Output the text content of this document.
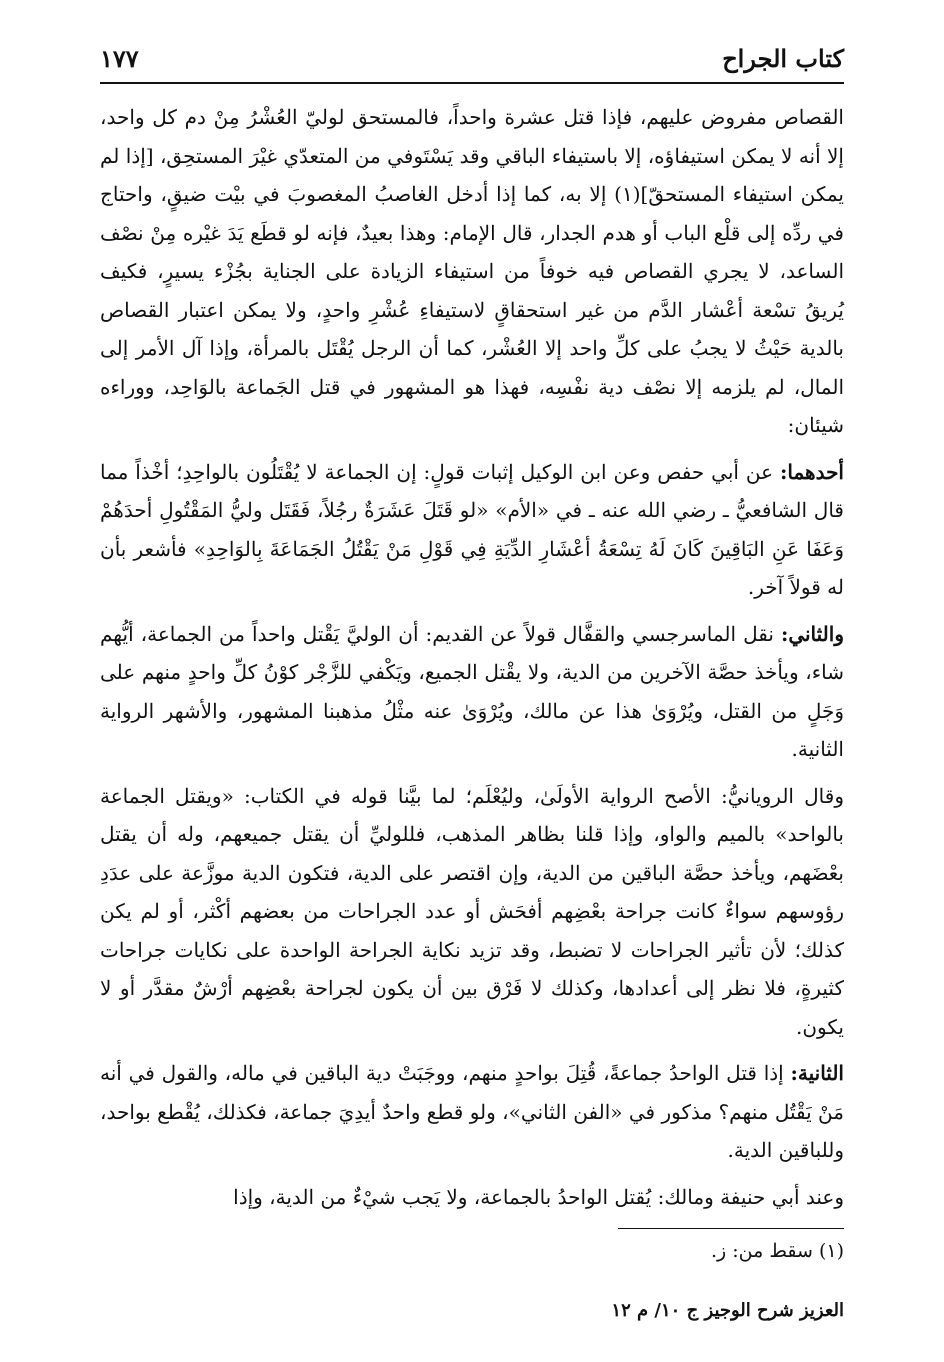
كتاب الجراح
١٧٧

القصاص مفروض عليهم، فإذا قتل عشرة واحداً، فالمستحق لوليّ العُشْرُ مِنْ دم كل واحد، إلا أنه لا يمكن استيفاؤه، إلا باستيفاء الباقي وقد يَسْتَوفي من المتعدّي غيْرَ المستحِق، [إذا لم يمكن استيفاء المستحقّ](١) إلا به، كما إذا أدخل الغاصبُ المغصوبَ في بيْت ضيقٍ، واحتاج في ردِّه إلى قلْع الباب أو هدم الجدار، قال الإمام: وهذا بعيدٌ، فإنه لو قطَع يَدَ غيْره مِنْ نصْف الساعد، لا يجري القصاص فيه خوفاً من استيفاء الزيادة على الجناية بجُزْء يسيرٍ، فكيف يُريقُ تسْعة أعْشار الدَّم من غير استحقاقٍ لاستيفاءِ عُشْرِ واحدٍ، ولا يمكن اعتبار القصاص بالدية حَيْثُ لا يجبُ على كلِّ واحد إلا العُشْر، كما أن الرجل يُقْتَل بالمرأة، وإذا آل الأمر إلى المال، لم يلزمه إلا نصْف دية نفْسِه، فهذا هو المشهور في قتل الجَماعة بالوَاحِد، ووراءه شيئان:

أحدهما: عن أبي حفص وعن ابن الوكيل إثبات قولٍ: إن الجماعة لا يُقْتَلُون بالواحِدِ؛ أخْذاً مما قال الشافعيُّ ـ رضي الله عنه ـ في «الأم» «لو قَتَلَ عَشَرَةٌ رجُلاً، فَقَتَل وليُّ المَقْتُولِ أحدَهُمْ وَعَفَا عَنِ البَاقِينَ كَانَ لَهُ تِسْعَةُ أعْشَارِ الدِّيَةِ فِي قَوْلِ مَنْ يَقْتُلُ الجَمَاعَةَ بِالوَاحِدِ» فأشعر بأن له قولاً آخر.

والثاني: نقل الماسرجسي والقفَّال قولاً عن القديم: أن الوليَّ يَقْتل واحداً من الجماعة، أيُّهم شاء، ويأخذ حصَّة الآخرين من الدية، ولا يقْتل الجميع، ويَكْفي للزَّجْر كوْنُ كلِّ واحدٍ منهم على وَجَلٍ من القتل، ويُرْوَىٰ هذا عن مالك، ويُرْوَىٰ عنه مثْلُ مذهبنا المشهور، والأشهر الرواية الثانية.

وقال الرويانيُّ: الأصح الرواية الأولَىٰ، وليُعْلَم؛ لما بيَّنا قوله في الكتاب: «ويقتل الجماعة بالواحد» بالميم والواو، وإذا قلنا بظاهر المذهب، فللوليِّ أن يقتل جميعهم، وله أن يقتل بعْضَهم، ويأخذ حصَّة الباقين من الدية، وإن اقتصر على الدية، فتكون الدية موزَّعة على عدَدِ رؤوسهم سواءٌ كانت جراحة بعْضِهم أفحَش أو عدد الجراحات من بعضهم أكْثر، أو لم يكن كذلك؛ لأن تأثير الجراحات لا تضبط، وقد تزيد نكاية الجراحة الواحدة على نكايات جراحات كثيرةٍ، فلا نظر إلى أعدادها، وكذلك لا فَرْق بين أن يكون لجراحة بعْضِهم أرْشٌ مقدَّر أو لا يكون.

الثانية: إذا قتل الواحدُ جماعةً، قُتِلَ بواحدٍ منهم، ووجَبَتْ دية الباقين في ماله، والقول في أنه مَنْ يَقْتُل منهم؟ مذكور في «الفن الثاني»، ولو قطع واحدٌ أيدِيَ جماعة، فكذلك، يُقْطع بواحد، وللباقين الدية.

وعند أبي حنيفة ومالك: يُقتل الواحدُ بالجماعة، ولا يَجب شيْءٌ من الدية، وإذا

(١) سقط من: ز.
العزيز شرح الوجيز ج ١٠/ م ١٢
